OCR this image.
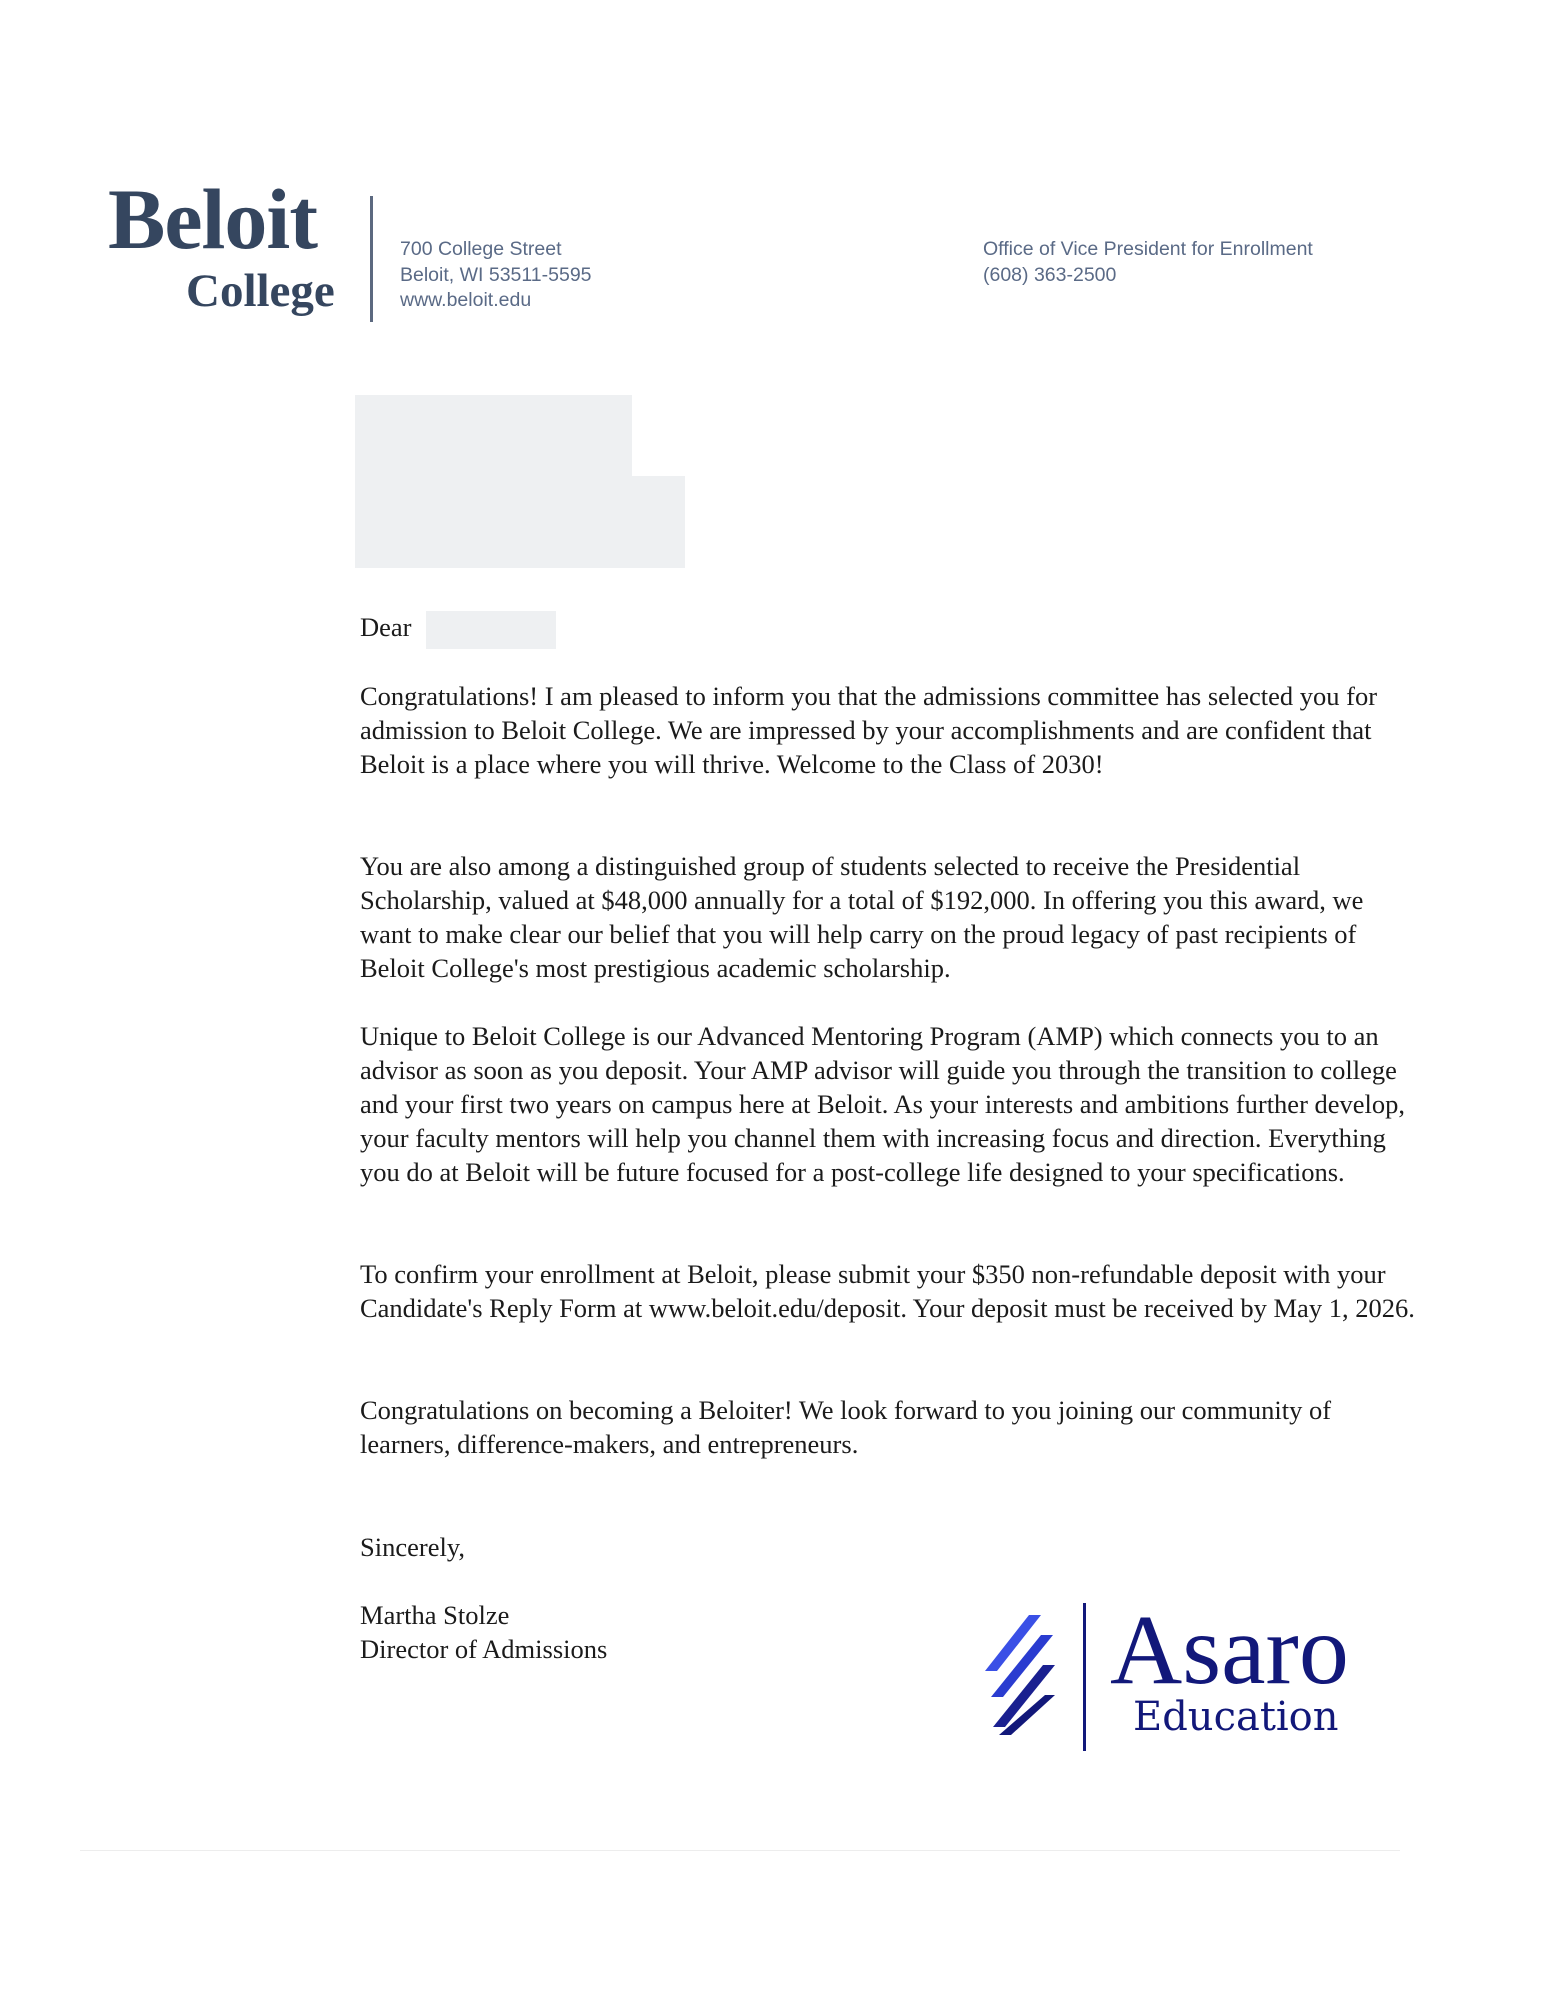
Beloit
College
700 College Street
Beloit, WI 53511-5595
www.beloit.edu
Office of Vice President for Enrollment
(608) 363-2500
Dear

Congratulations! I am pleased to inform you that the admissions committee has selected you for admission to Beloit College. We are impressed by your accomplishments and are confident that Beloit is a place where you will thrive. Welcome to the Class of 2030!

You are also among a distinguished group of students selected to receive the Presidential Scholarship, valued at $48,000 annually for a total of $192,000. In offering you this award, we want to make clear our belief that you will help carry on the proud legacy of past recipients of Beloit College's most prestigious academic scholarship.

Unique to Beloit College is our Advanced Mentoring Program (AMP) which connects you to an advisor as soon as you deposit. Your AMP advisor will guide you through the transition to college and your first two years on campus here at Beloit. As your interests and ambitions further develop, your faculty mentors will help you channel them with increasing focus and direction. Everything you do at Beloit will be future focused for a post-college life designed to your specifications.

To confirm your enrollment at Beloit, please submit your $350 non-refundable deposit with your Candidate's Reply Form at www.beloit.edu/deposit. Your deposit must be received by May 1, 2026.

Congratulations on becoming a Beloiter! We look forward to you joining our community of learners, difference-makers, and entrepreneurs.

Sincerely,

Martha Stolze

Director of Admissions	Asaro
Education
